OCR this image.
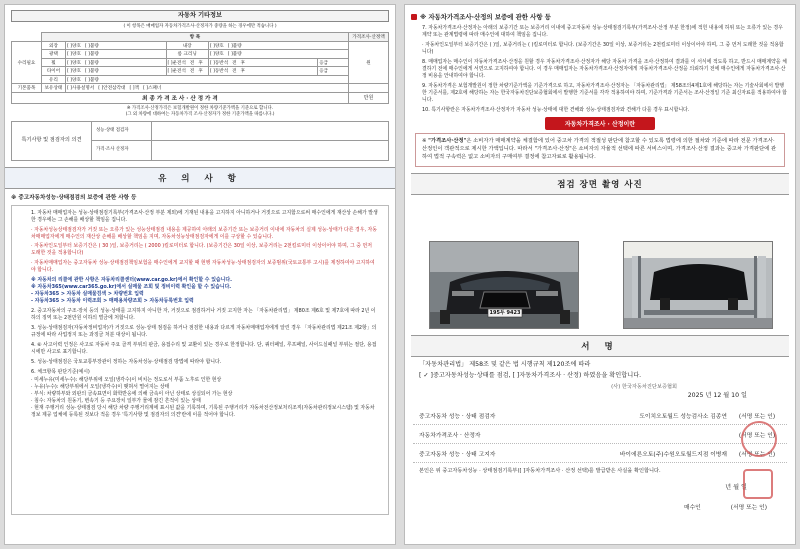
자동차 기타정보
( 이 항목은 매매업자 자동차가격조사·산정자가 중량을 하는 경우에만 적습니다 )
	항 목					가격조사·산정액
수리필요	외장	[ ]양호 [ ]불량	내장	[ ]양호 [ ]불량		원
	광택	[ ]양호 [ ]불량	룸 크리닝	[ ]양호 [ ]불량		
	휠	[ ]양호 [ ]불량	[ ]운전석 전 후	[ ]동반석 전 후	응급	
	타이어	[ ]양호 [ ]불량	[ ]운전석 전 후	[ ]동반석 전 후	응급	
	유리	[ ]양호 [ ]불량				
기본품목	보유상태	[ ]사용설명서 [ ]안전삼각대 [ ]잭 [ ]스패너				
최 종 가 격 조 사 · 산 정 가 격	만원
※ 가격조사·산정가격은 보험개발원이 정한 차량기준가액을 기준으로 합니다.
(그 외 차량에 대하여는 자동차가격 조사·산정자가 정한 기준가액을 따릅니다.)
특기사항 및 점검자의 의견
성능·상태 점검자
가격·조사 산정자
유 의 사 항
※ 중고자동차성능·상태점검의 보증에 관한 사항 등
1. 자동차 매매업자는 성능·상태점검기록부(가격조사·산정 부분 제외)에 기재된 내용을 고지하지 아니하거나 거짓으로 고지함으로써 매수인에게 재산상 손해가 발생한 경우에는 그 손해를 배상할 책임을 집니다.
· 자동차성능상태점검자가 거짓 또는 오류가 있는 성능상태점검 내용을 제공하여 아래의 보증기간 또는 보증거리 이내에 자동차의 실제 성능·상태가 다른 경우, 자동차매매업자에게 매수인의 재산상 손해를 배상할 책임을 지며, 자동차성능상태점검자에게 이를 구상할 수 있습니다.
· 자동차인도일부터 보증기간은 ( 30 )일, 보증거리는 ( 2000 )킬로미터로 합니다. (보증기간은 30일 이상, 보증거리는 2천킬로미터 이상이어야 하며, 그 중 먼저 도래한 것을 적용합니다)
· 자동차매매업자는 중고자동차 성능·상태점검책임보험을 매수인에게 교지할 때 현행 자동차성능·상태점검자의 보증범위(국토교통부 고시)를 제정하여야 고지하여야 합니다.
※ 자동차의 리콜에 관한 사항은 자동차리콜센터(www.car.go.kr)에서 확인할 수 있습니다.
※ 자동차365(www.car365.go.kr)에서 실매물 조회 및 정비이력 확인을 할 수 있습니다.
- 자동차365 > 자동차 실매물검색 > 차량번호 입력
- 자동차365 > 자동차 이력조회 > 매매용차량조회 > 자동차등록번호 입력
2. 중고자동차의 구조·장치 등의 성능·상태를 고지하지 아니한 자, 거짓으로 점검하거나 거짓 고지한 자는 「자동차관리법」 제80조 제6호 및 제7호에 따라 2년 이하의 징역 또는 2천만원 이하의 벌금에 처합니다.
3. 성능·상태점검자(자동차정비업자)가 거짓으로 성능·상태 점검을 하거나 점검한 내용과 다르게 자동차매매업자에게 알린 경우 「자동차관리법 제21조 제2항」의 규정에 따라 사업정지 또는 과징금 처분 대상이 됩니다.
4. ⑥ 사고이력 인정은 사고로 자동차 주요 골격 부위의 판금, 용접수리 및 교환이 있는 경우로 한정합니다. 단, 쿼터패널, 루프패널, 사이드실패널 부위는 절단, 용접 시에만 사고로 표기합니다.
5. 성능·상태점검은 국토교통부장관이 정하는 자동차성능·상태점검 방법에 따라야 합니다.
6. 체크항목 판단기준(예시)
· 미세누유(미세누수): 해당부위에 오일(냉각수)이 비치는 정도로서 부품 노후로 인한 현상
· 누유(누수): 해당부위에서 오일(냉각수)이 맺혀서 떨어지는 상태
· 부식: 차량하부와 외판의 금속표면이 화학반응에 의해 금속이 아닌 상태로 상실되어 가는 현상
· 침수: 자동차의 원동기, 변속기 등 주요장치 일부가 물에 잠긴 흔적이 있는 상태
· 현재 주행거리 성능·상태점검 당시 해당 차량 주행거리계에 표시된 값을 기록하며, 기록된 주행거리가 자동차전산정보처리조직(자동차관리정보시스템) 및 자동차정보 제공 업체에 등록된 것보다 적을 경우 '특기사항 및 점검자의 의견'란에 이를 적어야 합니다.
※ 자동차가격조사·산정의 보증에 관한 사항 등
7. 자동차가격조사·산정자는 아래의 보증기간 또는 보증거리 이내에 중고자동차 성능·상태점검기록부(가격조사·산정 부분 한정)에 적힌 내용에 허위 또는 오류가 있는 경우 계약 또는 관계법령에 따라 매수인에 대하여 책임을 집니다.
· 자동차인도일부터 보증기간은 ( )일, 보증거리는 ( )킬로미터로 합니다. (보증기간은 30일 이상, 보증거리는 2천킬로미터 이상이어야 하며, 그 중 먼저 도래한 것을 적용합니다)
8. 매매업자는 매수인이 자동차가격조사·산정을 원할 경우 자동차가격조사·산정자가 해당 자동차 가격을 조사·산정하여 결과를 이 서식에 적도록 하고, 반드시 매매계약을 체결하기 전에 매수인에게 서면으로 고지하여야 합니다. 이 경우 매매업자는 자동차가격조사·산정자에게 자동차가격조사·산정을 의뢰하기 전에 매수인에게 자동차가격조사·산정 비용을 안내하여야 합니다.
9. 자동차가격은 보험개발원이 정한 차량기준가액을 기준가격으로 하고, 자동차가격조사·산정자는 「자동차관리법」 제58조의4제1호에 해당하는 자는 기술사회에서 발행한 기준서를, 제2호에 해당하는 자는 한국자동차진단보증협회에서 발행한 기준서를 각각 적용하여야 하며, 기준가격과 기준서는 조사·산정일 기준 최신자료를 적용하여야 합니다.
10. 특기사항란은 자동차가격조사·산정자가 자동차 성능·상태에 대한 견해와 성능·상태점검자와 견해가 다를 경우 표시합니다.
자동차가격조사 · 산정이란
※ "가격조사·산정"은 소비자가 매매계약을 체결함에 있어 중고차 가격의 적절성 판단에 참고할 수 있도록 법령에 의한 절차와 기준에 따라 전문 가격조사·산정인이 객관적으로 제시한 가액입니다. 따라서 "가격조사·산정"은 소비자의 자율적 선택에 따른 서비스이며, 가격조사·산정 결과는 중고차 가격판단에 관하여 법적 구속력은 없고 소비자의 구매여부 결정에 참고자료로 활용됩니다.
점검 장면 촬영 사진
195두 9423
서 명
「자동차관리법」 제58조 및 같은 법 시행규칙 제120조에 따라
[ ✓ ]중고자동차성능·상태를 점검, [ ]자동차가격조사 · 산정) 하였음을 확인합니다.
(사) 한국자동차진단보증협회
2025 년 12 월 10 일
중고자동차 성능 · 상태 점검자	도이치오토월드 성능검사소 김종연	(서명 또는 인)
자동차가격조사 · 산정자	(서명 또는 인)
중고자동차 성능 · 상태 고지자	바이에른오토(주)수원오토월드지점 이병재	(서명 또는 인)
본인은 위 중고자동차성능 · 상태점검기록부([ ]자동차가격조사 · 산정 선택)를 발급받은 사실을 확인합니다.
년 월 일
매수인	(서명 또는 인)
